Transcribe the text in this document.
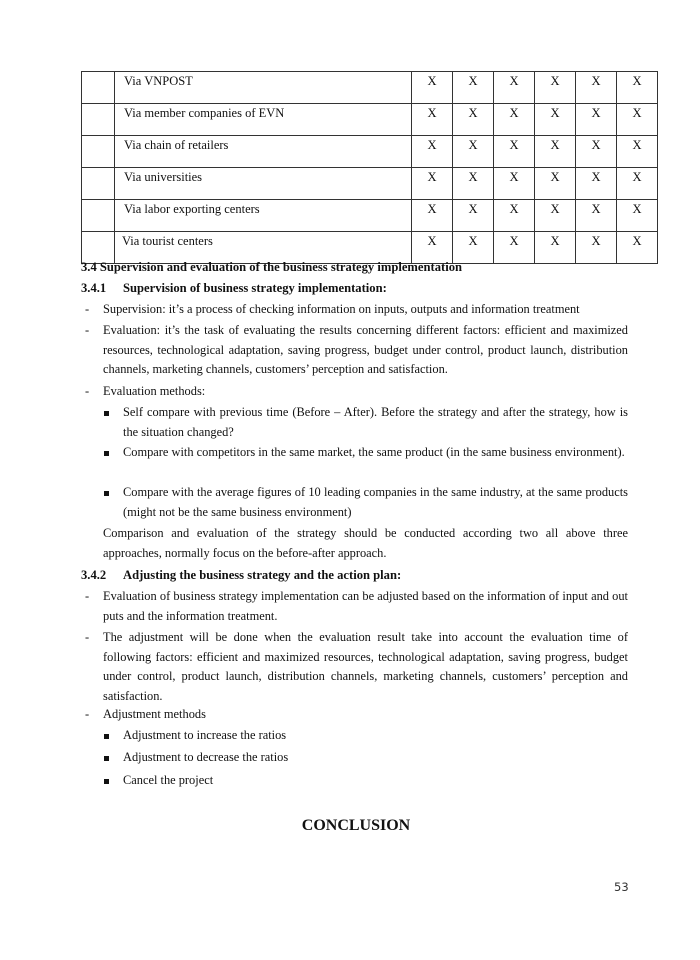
	Via VNPOST	X	X	X	X	X	X
	Via member companies of EVN	X	X	X	X	X	X
	Via chain of retailers	X	X	X	X	X	X
	Via universities	X	X	X	X	X	X
	Via labor exporting centers	X	X	X	X	X	X
	Via tourist centers	X	X	X	X	X	X
3.4 Supervision and evaluation of the business strategy implementation
3.4.1 Supervision of business strategy implementation:
- Supervision: it’s a process of checking information on inputs, outputs and information treatment
- Evaluation: it’s the task of evaluating the results concerning different factors: efficient and maximized resources, technological adaptation, saving progress, budget under control, product launch, distribution channels, marketing channels, customers’ perception and satisfaction.
- Evaluation methods:
Self compare with previous time (Before – After). Before the strategy and after the strategy, how is the situation changed?
Compare with competitors in the same market, the same product (in the same business environment).
Compare with the average figures of 10 leading companies in the same industry, at the same products (might not be the same business environment)
Comparison and evaluation of the strategy should be conducted according two all above three approaches, normally focus on the before-after approach.
3.4.2 Adjusting the business strategy and the action plan:
- Evaluation of business strategy implementation can be adjusted based on the information of input and out puts and the information treatment.
- The adjustment will be done when the evaluation result take into account the evaluation time of following factors: efficient and maximized resources, technological adaptation, saving progress, budget under control, product launch, distribution channels, marketing channels, customers’ perception and satisfaction.
- Adjustment methods
Adjustment to increase the ratios
Adjustment to decrease the ratios
Cancel the project
CONCLUSION
53
